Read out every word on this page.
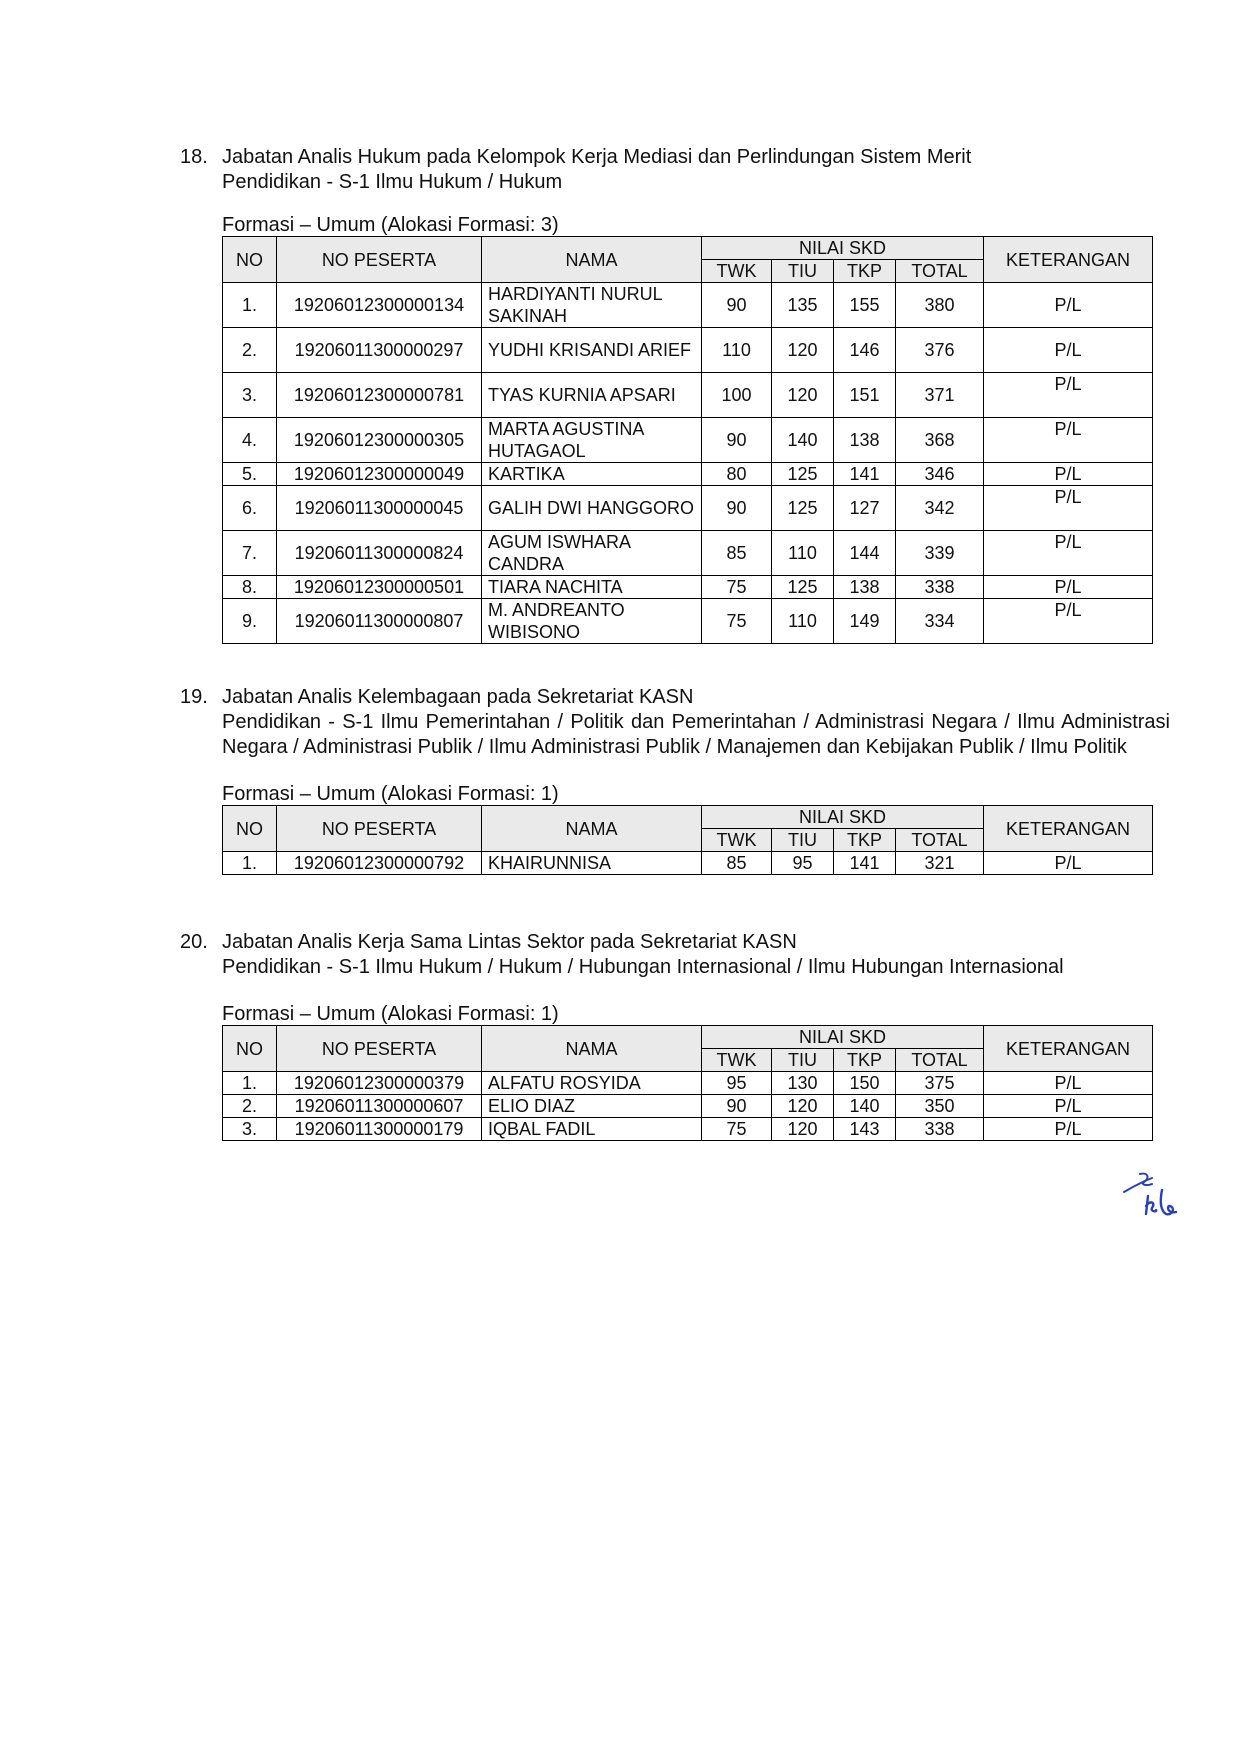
18. Jabatan Analis Hukum pada Kelompok Kerja Mediasi dan Perlindungan Sistem Merit

Pendidikan - S-1 Ilmu Hukum / Hukum

Formasi – Umum (Alokasi Formasi: 3)
NO	NO PESERTA	NAMA	NILAI SKD				KETERANGAN
			TWK	TIU	TKP	TOTAL	
1.	19206012300000134	HARDIYANTI NURUL SAKINAH	90	135	155	380	P/L
2.	19206011300000297	YUDHI KRISANDI ARIEF	110	120	146	376	P/L
3.	19206012300000781	TYAS KURNIA APSARI	100	120	151	371	P/L
4.	19206012300000305	MARTA AGUSTINA HUTAGAOL	90	140	138	368	P/L
5.	19206012300000049	KARTIKA	80	125	141	346	P/L
6.	19206011300000045	GALIH DWI HANGGORO	90	125	127	342	P/L
7.	19206011300000824	AGUM ISWHARA CANDRA	85	110	144	339	P/L
8.	19206012300000501	TIARA NACHITA	75	125	138	338	P/L
9.	19206011300000807	M. ANDREANTO WIBISONO	75	110	149	334	P/L
19. Jabatan Analis Kelembagaan pada Sekretariat KASN

Pendidikan - S-1 Ilmu Pemerintahan / Politik dan Pemerintahan / Administrasi Negara / Ilmu Administrasi Negara / Administrasi Publik / Ilmu Administrasi Publik / Manajemen dan Kebijakan Publik / Ilmu Politik

Formasi – Umum (Alokasi Formasi: 1)
NO	NO PESERTA	NAMA	NILAI SKD				KETERANGAN
			TWK	TIU	TKP	TOTAL	
1.	19206012300000792	KHAIRUNNISA	85	95	141	321	P/L
20. Jabatan Analis Kerja Sama Lintas Sektor pada Sekretariat KASN

Pendidikan - S-1 Ilmu Hukum / Hukum / Hubungan Internasional / Ilmu Hubungan Internasional

Formasi – Umum (Alokasi Formasi: 1)
NO	NO PESERTA	NAMA	NILAI SKD				KETERANGAN
			TWK	TIU	TKP	TOTAL	
1.	19206012300000379	ALFATU ROSYIDA	95	130	150	375	P/L
2.	19206011300000607	ELIO DIAZ	90	120	140	350	P/L
3.	19206011300000179	IQBAL FADIL	75	120	143	338	P/L
